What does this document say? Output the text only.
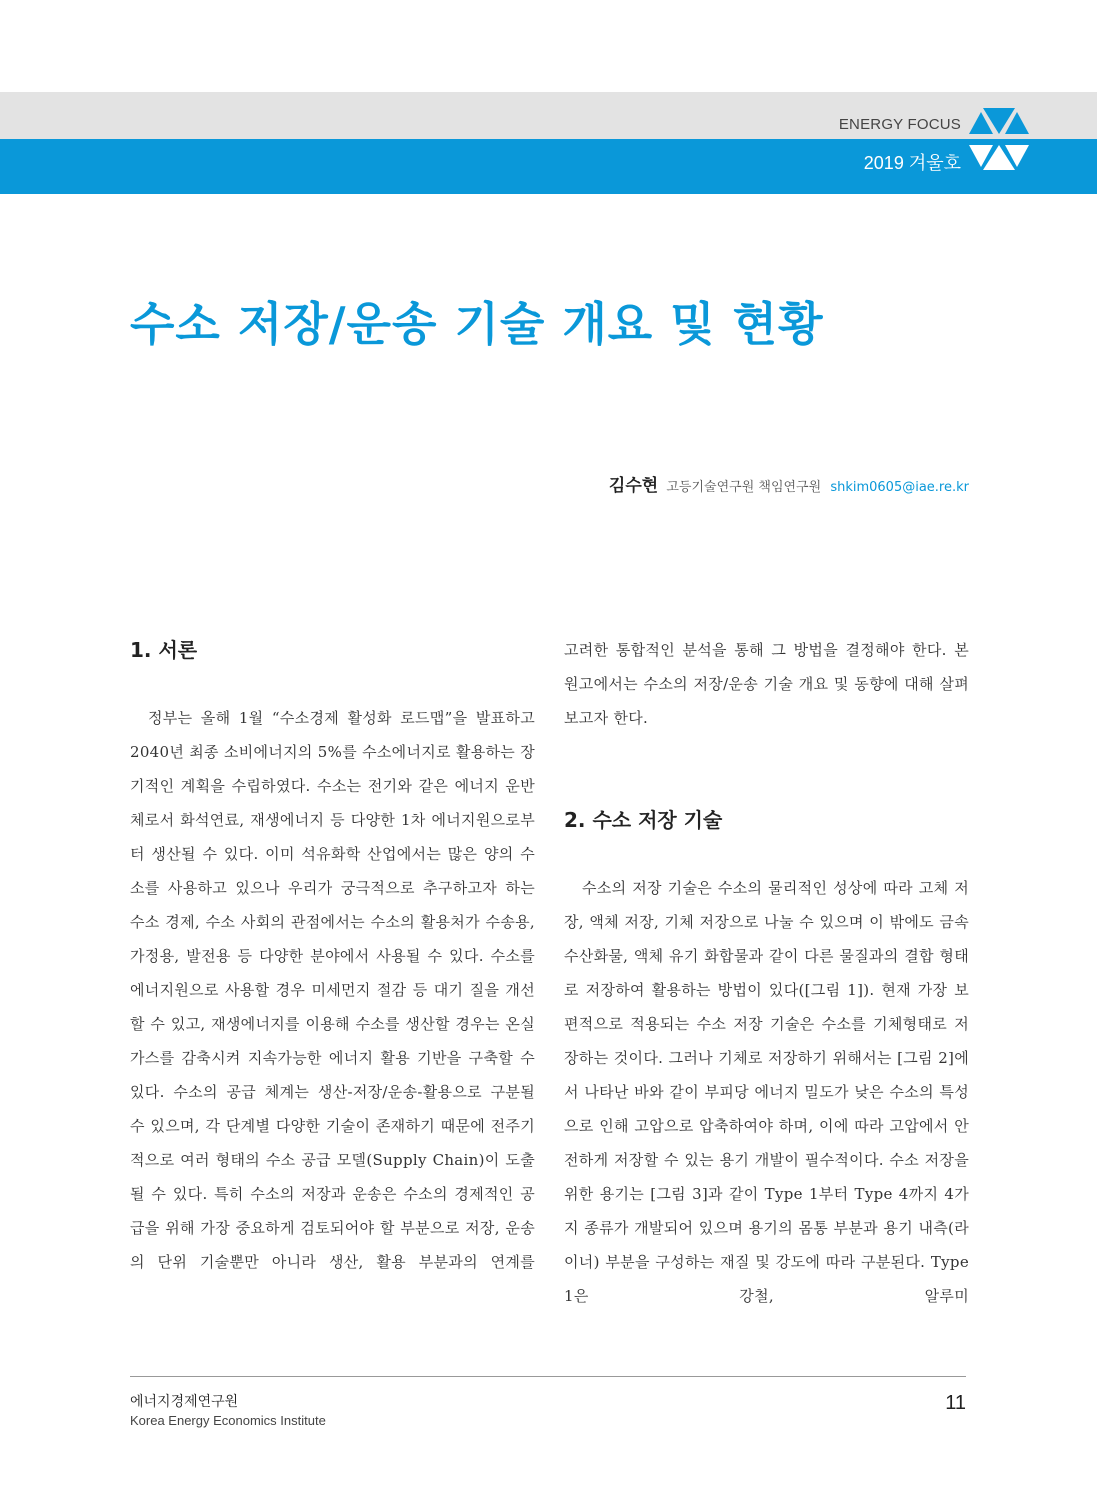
ENERGY FOCUS
2019 겨울호
수소 저장/운송 기술 개요 및 현황
김수현 고등기술연구원 책임연구원 shkim0605@iae.re.kr
1. 서론

정부는 올해 1월 “수소경제 활성화 로드맵”을 발표하고 2040년 최종 소비에너지의 5%를 수소에너지로 활용하는 장기적인 계획을 수립하였다. 수소는 전기와 같은 에너지 운반체로서 화석연료, 재생에너지 등 다양한 1차 에너지원으로부터 생산될 수 있다. 이미 석유화학 산업에서는 많은 양의 수소를 사용하고 있으나 우리가 궁극적으로 추구하고자 하는 수소 경제, 수소 사회의 관점에서는 수소의 활용처가 수송용, 가정용, 발전용 등 다양한 분야에서 사용될 수 있다. 수소를 에너지원으로 사용할 경우 미세먼지 절감 등 대기 질을 개선할 수 있고, 재생에너지를 이용해 수소를 생산할 경우는 온실가스를 감축시켜 지속가능한 에너지 활용 기반을 구축할 수 있다. 수소의 공급 체계는 생산-저장/운송-활용으로 구분될 수 있으며, 각 단계별 다양한 기술이 존재하기 때문에 전주기적으로 여러 형태의 수소 공급 모델(Supply Chain)이 도출될 수 있다. 특히 수소의 저장과 운송은 수소의 경제적인 공급을 위해 가장 중요하게 검토되어야 할 부분으로 저장, 운송의 단위 기술뿐만 아니라 생산, 활용 부분과의 연계를

고려한 통합적인 분석을 통해 그 방법을 결정해야 한다. 본 원고에서는 수소의 저장/운송 기술 개요 및 동향에 대해 살펴보고자 한다.

2. 수소 저장 기술

수소의 저장 기술은 수소의 물리적인 성상에 따라 고체 저장, 액체 저장, 기체 저장으로 나눌 수 있으며 이 밖에도 금속 수산화물, 액체 유기 화합물과 같이 다른 물질과의 결합 형태로 저장하여 활용하는 방법이 있다([그림 1]). 현재 가장 보편적으로 적용되는 수소 저장 기술은 수소를 기체형태로 저장하는 것이다. 그러나 기체로 저장하기 위해서는 [그림 2]에서 나타난 바와 같이 부피당 에너지 밀도가 낮은 수소의 특성으로 인해 고압으로 압축하여야 하며, 이에 따라 고압에서 안전하게 저장할 수 있는 용기 개발이 필수적이다. 수소 저장을 위한 용기는 [그림 3]과 같이 Type 1부터 Type 4까지 4가지 종류가 개발되어 있으며 용기의 몸통 부분과 용기 내측(라이너) 부분을 구성하는 재질 및 강도에 따라 구분된다. Type 1은 강철, 알루미

에너지경제연구원
Korea Energy Economics Institute
11
